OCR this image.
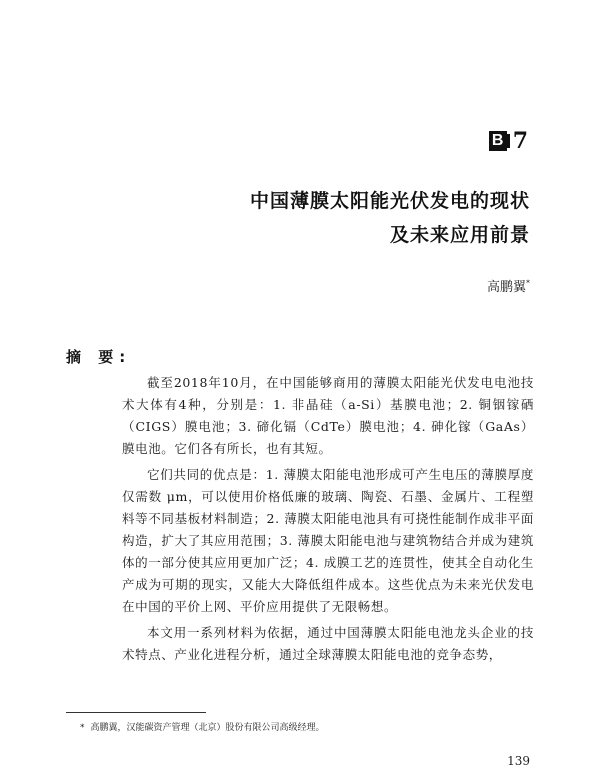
B 7
中国薄膜太阳能光伏发电的现状
及未来应用前景
高鹏翼*
摘 要:

截至2018年10月，在中国能够商用的薄膜太阳能光伏发电电池技术大体有4种，分别是：1. 非晶硅（a-Si）基膜电池；2. 铜铟镓硒（CIGS）膜电池；3. 碲化镉（CdTe）膜电池；4. 砷化镓（GaAs）膜电池。它们各有所长，也有其短。

它们共同的优点是：1. 薄膜太阳能电池形成可产生电压的薄膜厚度仅需数 μm，可以使用价格低廉的玻璃、陶瓷、石墨、金属片、工程塑料等不同基板材料制造；2. 薄膜太阳能电池具有可挠性能制作成非平面构造，扩大了其应用范围；3. 薄膜太阳能电池与建筑物结合并成为建筑体的一部分使其应用更加广泛；4. 成膜工艺的连贯性，使其全自动化生产成为可期的现实，又能大大降低组件成本。这些优点为未来光伏发电在中国的平价上网、平价应用提供了无限畅想。

本文用一系列材料为依据，通过中国薄膜太阳能电池龙头企业的技术特点、产业化进程分析，通过全球薄膜太阳能电池的竞争态势，

* 高鹏翼，汉能碳资产管理（北京）股份有限公司高级经理。
139
